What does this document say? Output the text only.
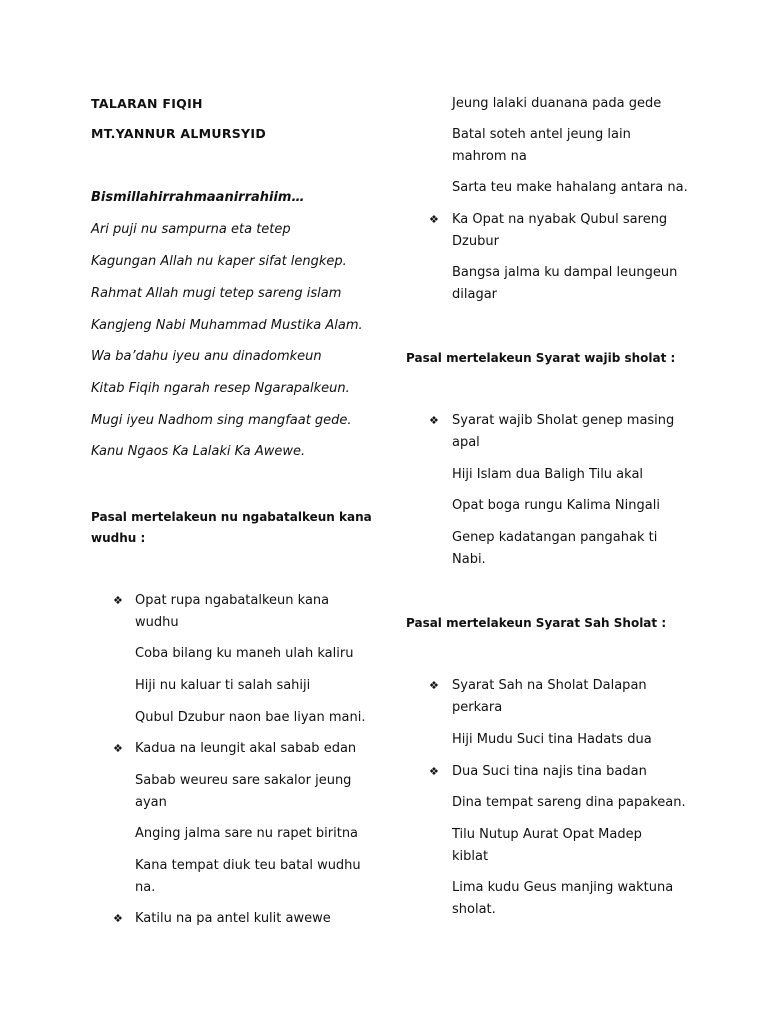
TALARAN FIQIH
MT.YANNUR ALMURSYID
Bismillahirrahmaanirrahiim…
Ari puji nu sampurna eta tetep
Kagungan Allah nu kaper sifat lengkep.
Rahmat Allah mugi tetep sareng islam
Kangjeng Nabi Muhammad Mustika Alam.
Wa ba’dahu iyeu anu dinadomkeun
Kitab Fiqih ngarah resep Ngarapalkeun.
Mugi iyeu Nadhom sing mangfaat gede.
Kanu Ngaos Ka Lalaki Ka Awewe.
Pasal mertelakeun nu ngabatalkeun kana
wudhu :
❖ Opat rupa ngabatalkeun kana
wudhu
Coba bilang ku maneh ulah kaliru
Hiji nu kaluar ti salah sahiji
Qubul Dzubur naon bae liyan mani.
❖ Kadua na leungit akal sabab edan
Sabab weureu sare sakalor jeung
ayan
Anging jalma sare nu rapet biritna
Kana tempat diuk teu batal wudhu
na.
❖ Katilu na pa antel kulit awewe
Jeung lalaki duanana pada gede
Batal soteh antel jeung lain
mahrom na
Sarta teu make hahalang antara na.
❖ Ka Opat na nyabak Qubul sareng
Dzubur
Bangsa jalma ku dampal leungeun
dilagar
Pasal mertelakeun Syarat wajib sholat :
❖ Syarat wajib Sholat genep masing
apal
Hiji Islam dua Baligh Tilu akal
Opat boga rungu Kalima Ningali
Genep kadatangan pangahak ti
Nabi.
Pasal mertelakeun Syarat Sah Sholat :
❖ Syarat Sah na Sholat Dalapan
perkara
Hiji Mudu Suci tina Hadats dua
❖ Dua Suci tina najis tina badan
Dina tempat sareng dina papakean.
Tilu Nutup Aurat Opat Madep
kiblat
Lima kudu Geus manjing waktuna
sholat.
